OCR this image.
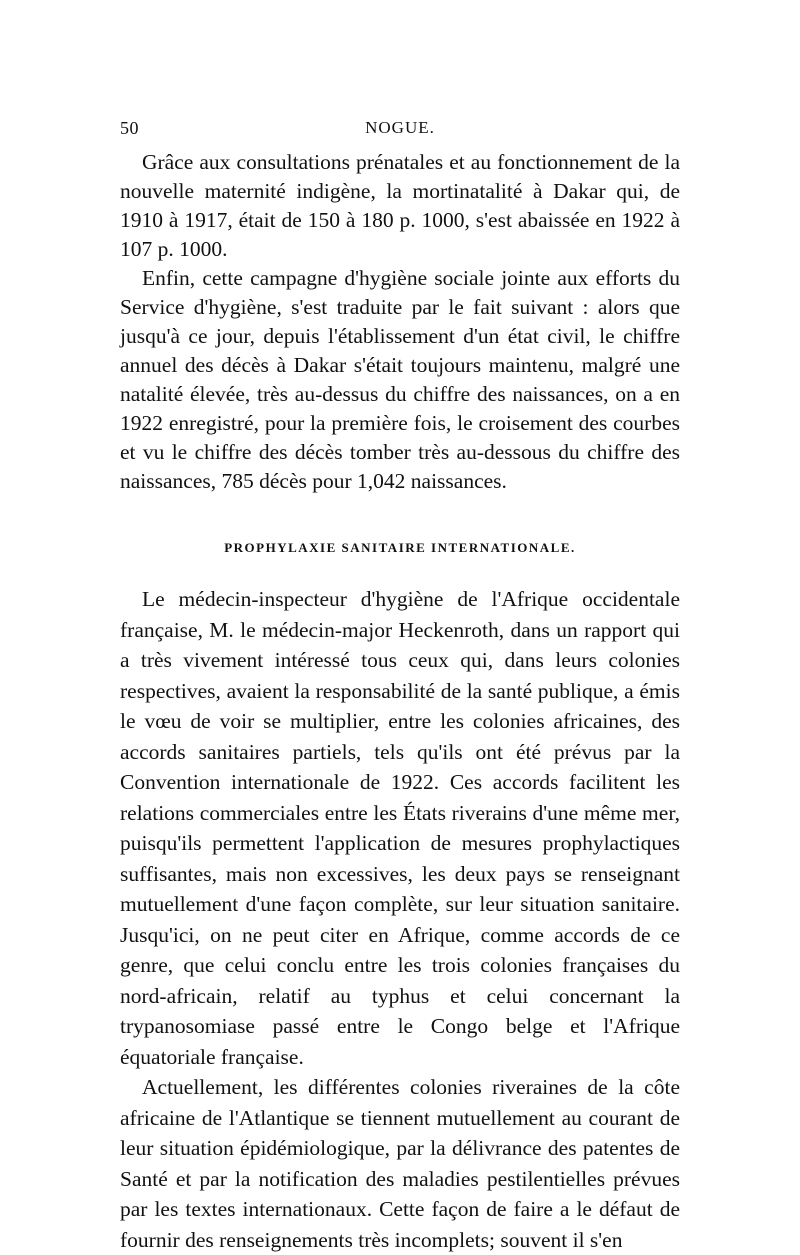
50	NOGUE.

Grâce aux consultations prénatales et au fonctionnement de la nouvelle maternité indigène, la mortinatalité à Dakar qui, de 1910 à 1917, était de 150 à 180 p. 1000, s'est abaissée en 1922 à 107 p. 1000.

Enfin, cette campagne d'hygiène sociale jointe aux efforts du Service d'hygiène, s'est traduite par le fait suivant : alors que jusqu'à ce jour, depuis l'établissement d'un état civil, le chiffre annuel des décès à Dakar s'était toujours maintenu, malgré une natalité élevée, très au-dessus du chiffre des naissances, on a en 1922 enregistré, pour la première fois, le croisement des courbes et vu le chiffre des décès tomber très au-dessous du chiffre des naissances, 785 décès pour 1,042 naissances.

PROPHYLAXIE SANITAIRE INTERNATIONALE.

Le médecin-inspecteur d'hygiène de l'Afrique occidentale française, M. le médecin-major Heckenroth, dans un rapport qui a très vivement intéressé tous ceux qui, dans leurs colonies respectives, avaient la responsabilité de la santé publique, a émis le vœu de voir se multiplier, entre les colonies africaines, des accords sanitaires partiels, tels qu'ils ont été prévus par la Convention internationale de 1922. Ces accords facilitent les relations commerciales entre les États riverains d'une même mer, puisqu'ils permettent l'application de mesures prophylactiques suffisantes, mais non excessives, les deux pays se renseignant mutuellement d'une façon complète, sur leur situation sanitaire. Jusqu'ici, on ne peut citer en Afrique, comme accords de ce genre, que celui conclu entre les trois colonies françaises du nord-africain, relatif au typhus et celui concernant la trypanosomiase passé entre le Congo belge et l'Afrique équatoriale française.

Actuellement, les différentes colonies riveraines de la côte africaine de l'Atlantique se tiennent mutuellement au courant de leur situation épidémiologique, par la délivrance des patentes de Santé et par la notification des maladies pestilentielles prévues par les textes internationaux. Cette façon de faire a le défaut de fournir des renseignements très incomplets; souvent il s'en
